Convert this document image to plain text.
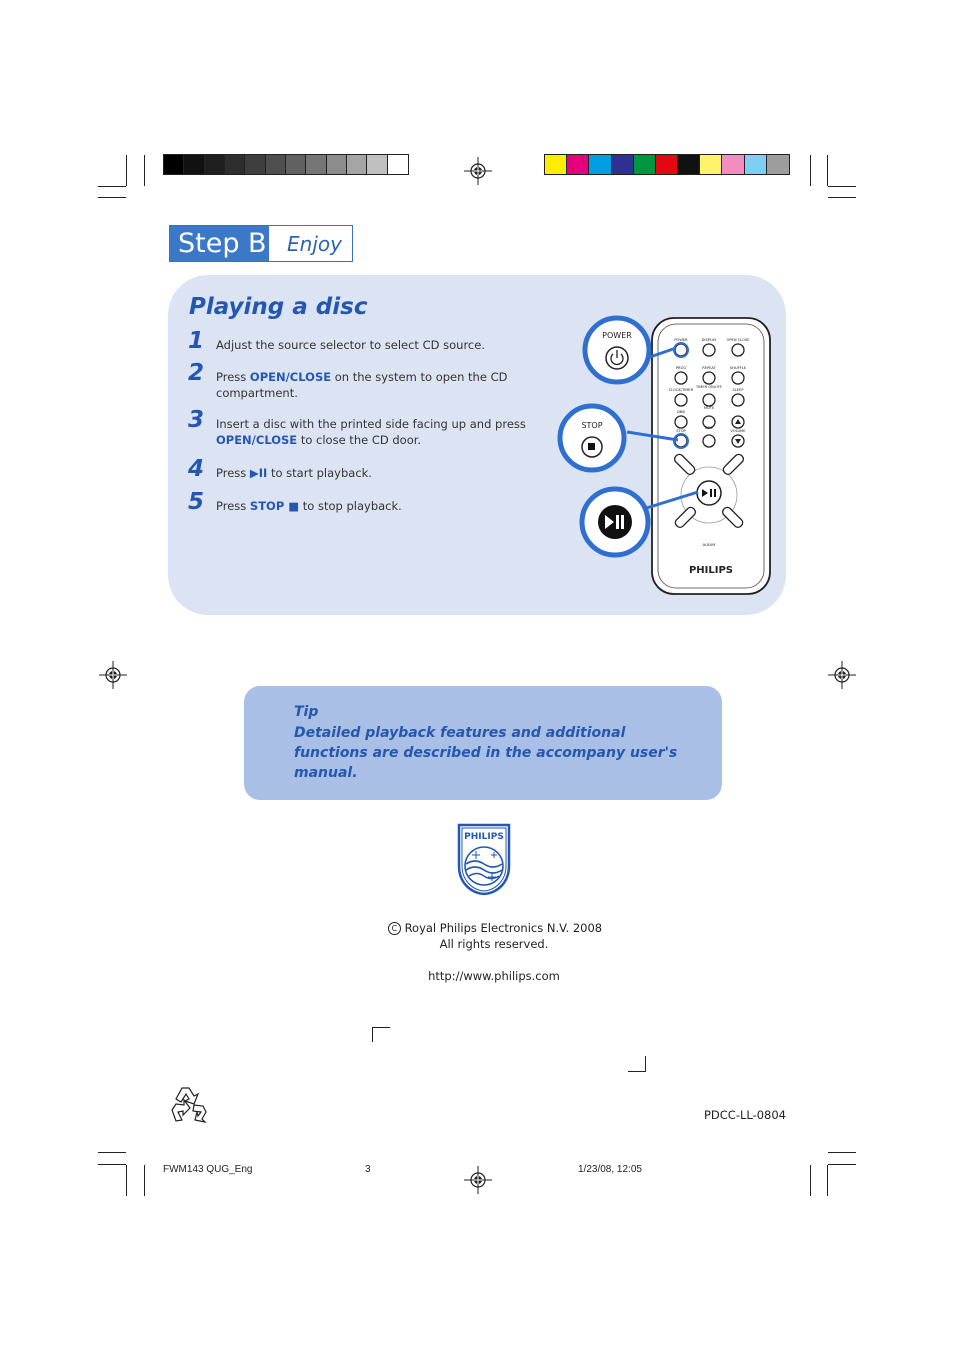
Step B	Enjoy
Playing a disc
1 Adjust the source selector to select CD source.
2 Press OPEN/CLOSE on the system to open the CD compartment.
3 Insert a disc with the printed side facing up and press OPEN/CLOSE to close the CD door.
4 Press ▶II to start playback.
5 Press STOP ■ to stop playback.
POWER	DISPLAY	OPEN CLOSE
PROG	REPEAT	SHUFFLE
CLOCK/TIMER
TIMER ON/OFF
SLEEP
DBB
MUTE
VOLUME
STOP
DSC
ALBUM
PHILIPS
POWER
STOP
Tip
Detailed playback features and additional functions are described in the accompany user's manual.
PHILIPS
C Royal Philips Electronics N.V. 2008
All rights reserved.
http://www.philips.com
PDCC-LL-0804
FWM143 QUG_Eng	3	1/23/08, 12:05
